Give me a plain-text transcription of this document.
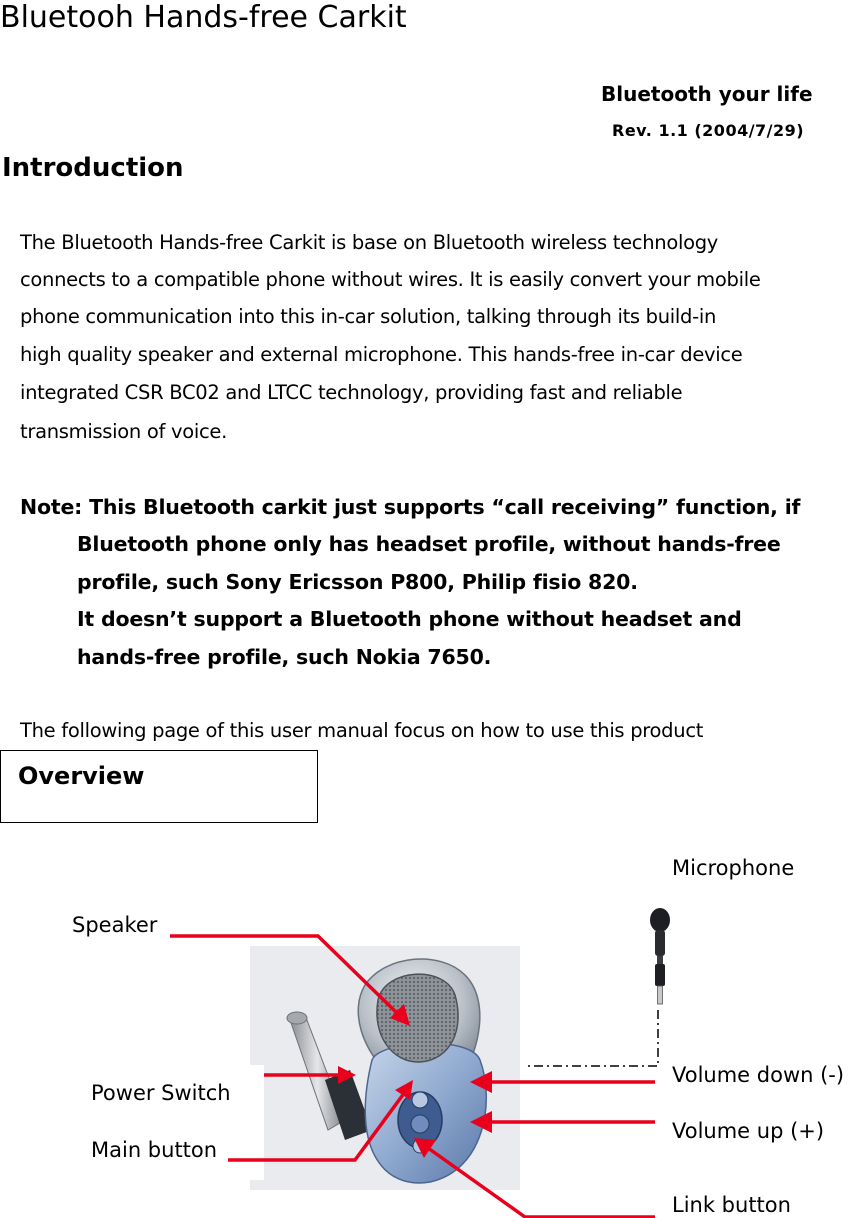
Bluetooh Hands-free Carkit
Bluetooth your life
Rev. 1.1 (2004/7/29)
Introduction
The Bluetooth Hands-free Carkit is base on Bluetooth wireless technology
connects to a compatible phone without wires. It is easily convert your mobile
phone communication into this in-car solution, talking through its build-in
high quality speaker and external microphone. This hands-free in-car device
integrated CSR BC02 and LTCC technology, providing fast and reliable
transmission of voice.
Note: This Bluetooth carkit just supports “call receiving” function, if
Bluetooth phone only has headset profile, without hands-free
profile, such Sony Ericsson P800, Philip fisio 820.
It doesn’t support a Bluetooth phone without headset and
hands-free profile, such Nokia 7650.
The following page of this user manual focus on how to use this product
Overview
Microphone
Speaker
Power Switch
Main button
Volume down (-)
Volume up (+)
Link button
